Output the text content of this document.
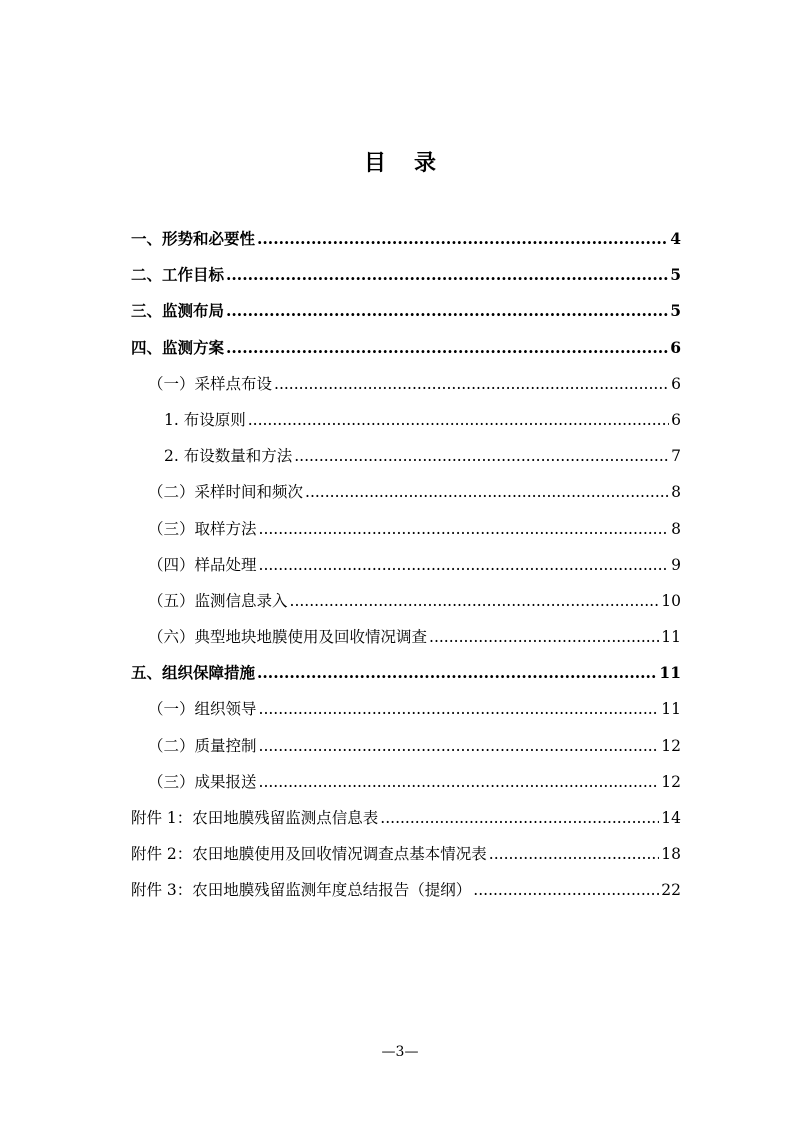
目 录
一、形势和必要性 .....	4
二、工作目标 .....	5
三、监测布局 .....	5
四、监测方案 .....	6
（一）采样点布设 .....	6
1. 布设原则 .....	6
2. 布设数量和方法 .....	7
（二）采样时间和频次 .....	8
（三）取样方法 .....	8
（四）样品处理 .....	9
（五）监测信息录入 .....	10
（六）典型地块地膜使用及回收情况调查 .....	11
五、组织保障措施 .....	11
（一）组织领导 .....	11
（二）质量控制 .....	12
（三）成果报送 .....	12
附件 1：农田地膜残留监测点信息表 .....	14
附件 2：农田地膜使用及回收情况调查点基本情况表 .....	18
附件 3：农田地膜残留监测年度总结报告（提纲） .....	22
—3—
